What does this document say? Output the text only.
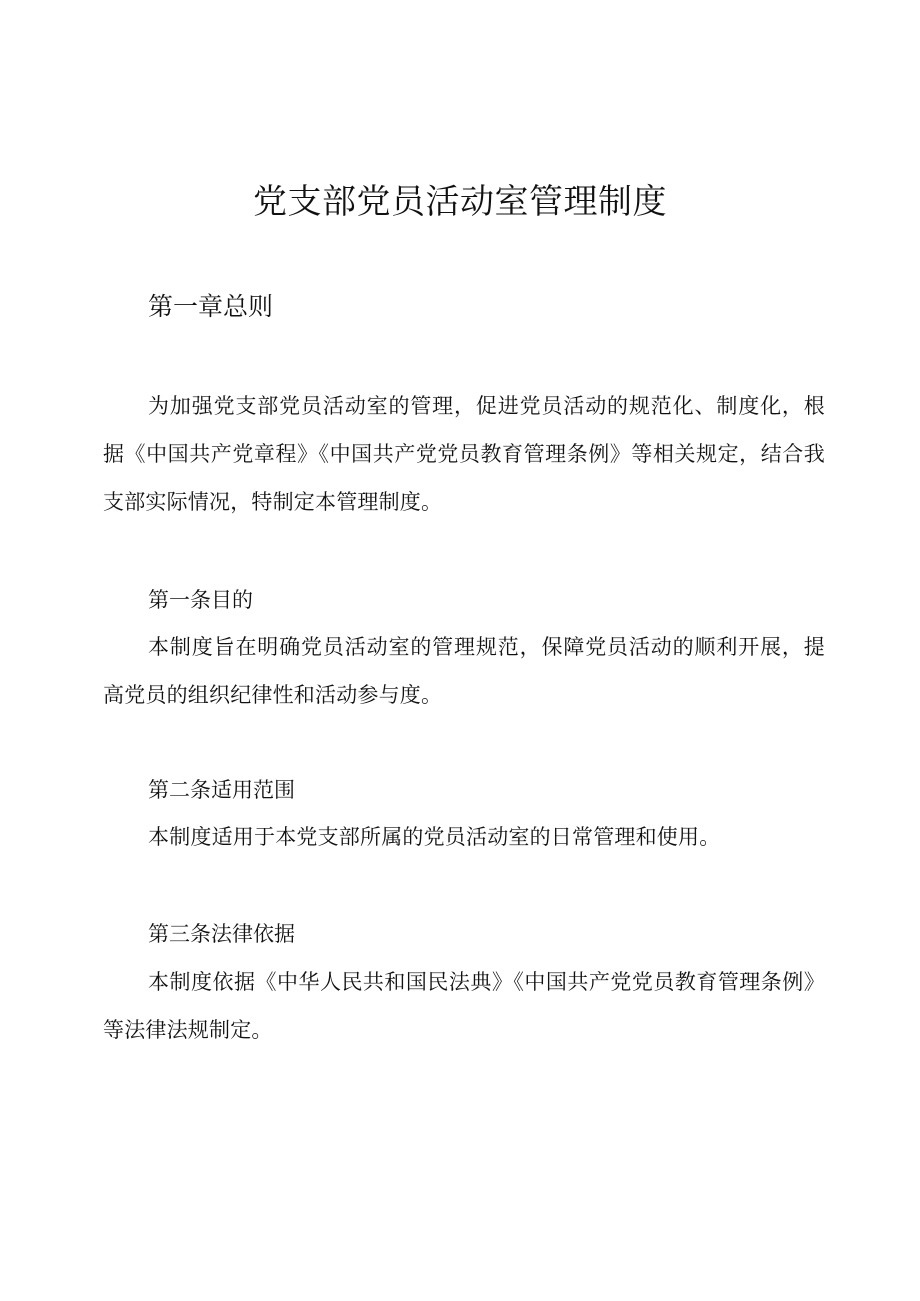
党支部党员活动室管理制度
第一章总则

为加强党支部党员活动室的管理，促进党员活动的规范化、制度化，根据《中国共产党章程》《中国共产党党员教育管理条例》等相关规定，结合我支部实际情况，特制定本管理制度。

第一条目的

本制度旨在明确党员活动室的管理规范，保障党员活动的顺利开展，提高党员的组织纪律性和活动参与度。

第二条适用范围

本制度适用于本党支部所属的党员活动室的日常管理和使用。

第三条法律依据

本制度依据《中华人民共和国民法典》《中国共产党党员教育管理条例》等法律法规制定。
